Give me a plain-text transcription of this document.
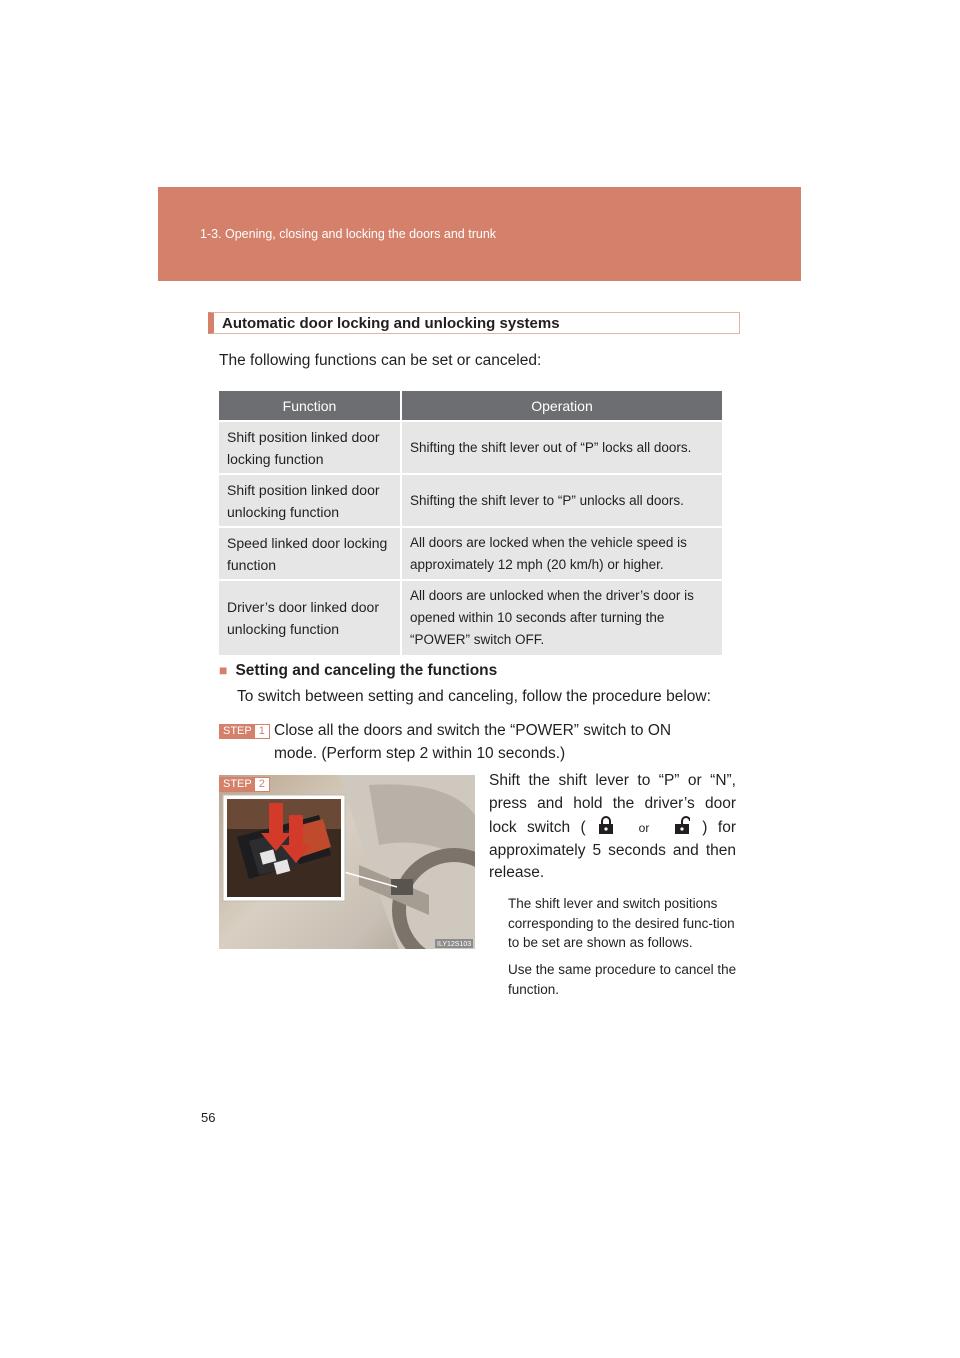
1-3. Opening, closing and locking the doors and trunk
Automatic door locking and unlocking systems
The following functions can be set or canceled:
Function	Operation
Shift position linked door
locking function	Shifting the shift lever out of “P” locks all doors.
Shift position linked door
unlocking function	Shifting the shift lever to “P” unlocks all doors.
Speed linked door locking
function	All doors are locked when the vehicle speed is
approximately 12 mph (20 km/h) or higher.
Driver’s door linked door
unlocking function	All doors are unlocked when the driver’s door is
opened within 10 seconds after turning the
“POWER” switch OFF.
■ Setting and canceling the functions
To switch between setting and canceling, follow the procedure below:
STEP 1 Close all the doors and switch the “POWER” switch to ON
mode. (Perform step 2 within 10 seconds.)
STEP 2
ILY12S103
Shift the shift lever to “P” or “N”, press and hold the driver’s door lock switch (	or	) for approximately 5 seconds and then release.
The shift lever and switch positions corresponding to the desired func-tion to be set are shown as follows.
Use the same procedure to cancel the function.
56
